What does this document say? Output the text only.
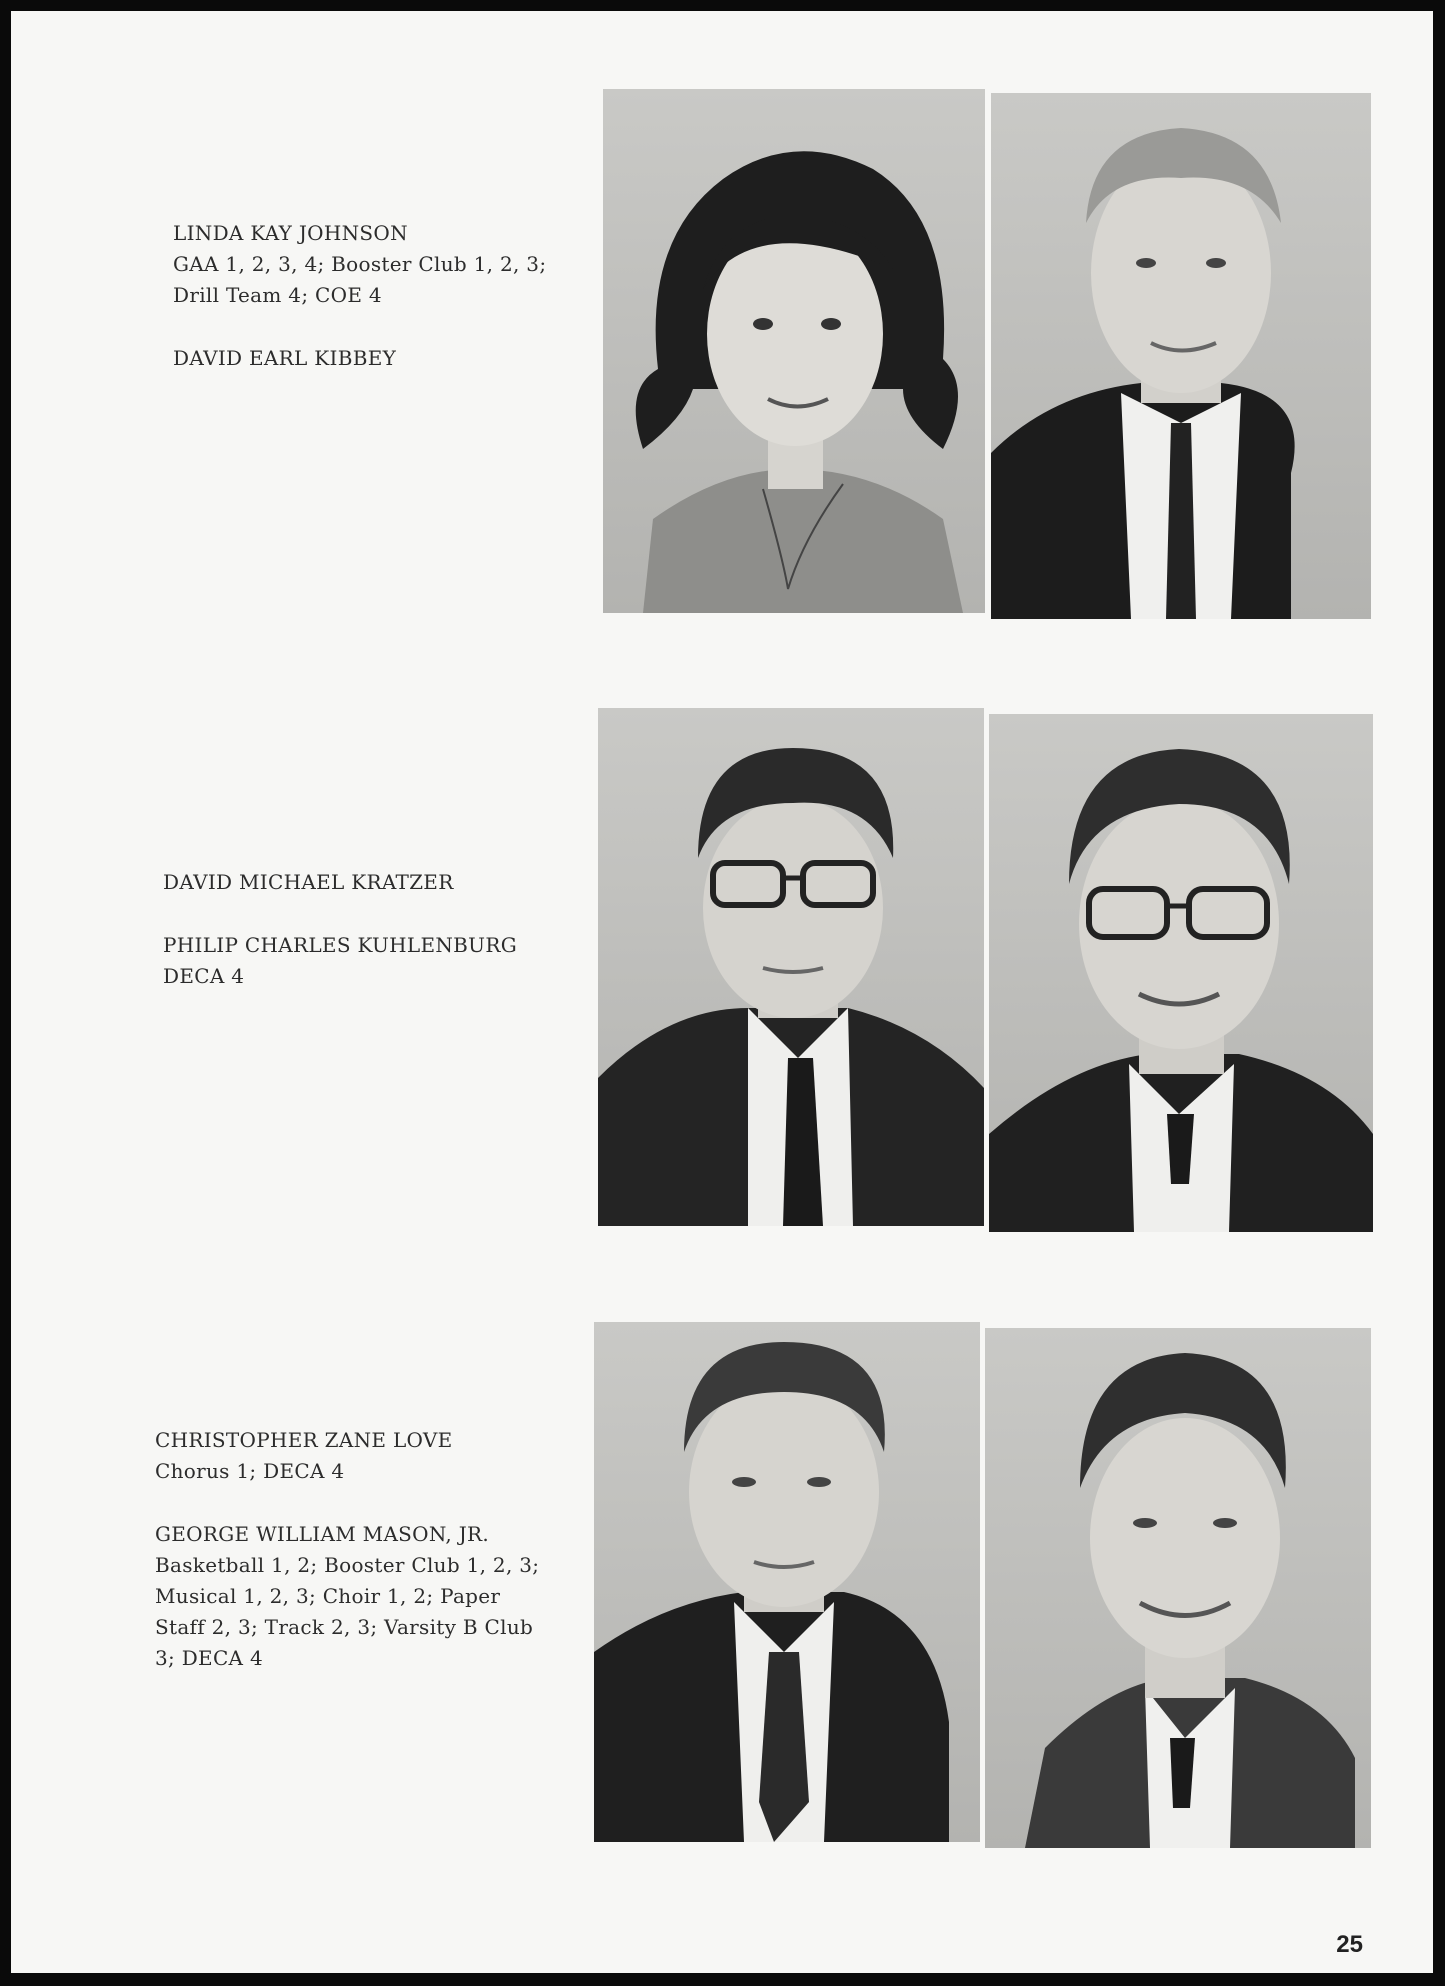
LINDA KAY JOHNSON

GAA 1, 2, 3, 4; Booster Club 1, 2, 3;

Drill Team 4; COE 4

DAVID EARL KIBBEY

DAVID MICHAEL KRATZER

PHILIP CHARLES KUHLENBURG

DECA 4

CHRISTOPHER ZANE LOVE

Chorus 1; DECA 4

GEORGE WILLIAM MASON, JR.

Basketball 1, 2; Booster Club 1, 2, 3;

Musical 1, 2, 3; Choir 1, 2; Paper

Staff 2, 3; Track 2, 3; Varsity B Club

3; DECA 4

25
